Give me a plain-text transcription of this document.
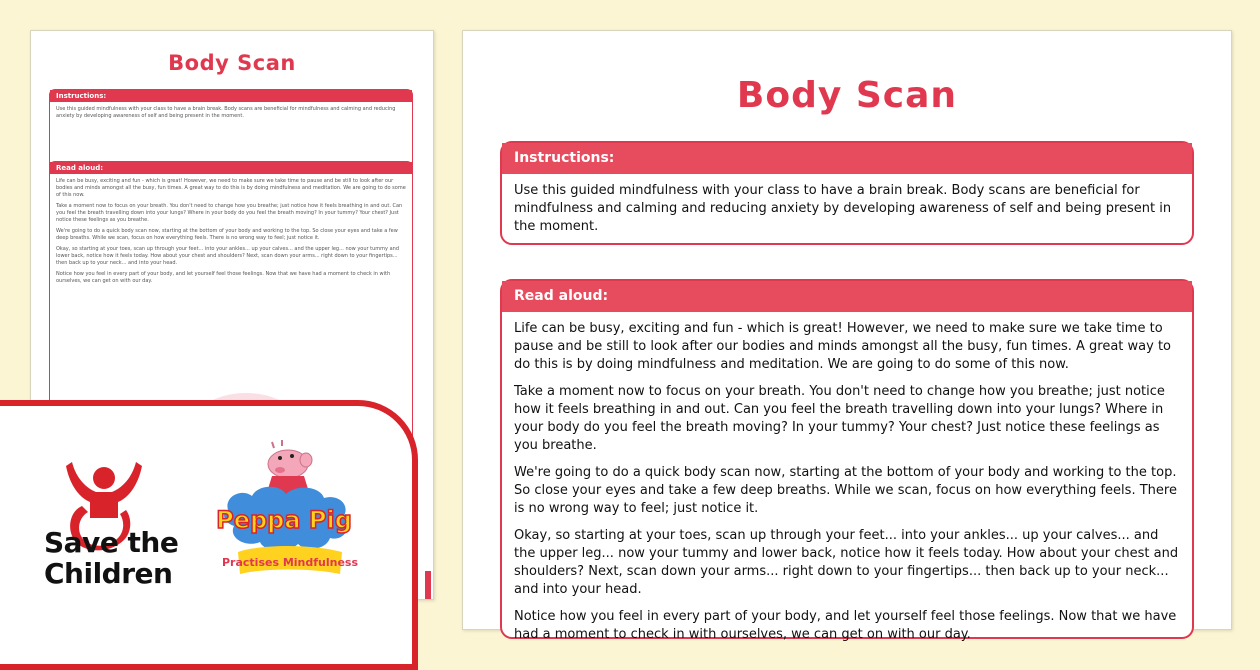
Body Scan
Instructions:

Use this guided mindfulness with your class to have a brain break. Body scans are beneficial for mindfulness and calming and reducing anxiety by developing awareness of self and being present in the moment.

Read aloud:

Life can be busy, exciting and fun - which is great! However, we need to make sure we take time to pause and be still to look after our bodies and minds amongst all the busy, fun times. A great way to do this is by doing mindfulness and meditation. We are going to do some of this now.

Take a moment now to focus on your breath. You don't need to change how you breathe; just notice how it feels breathing in and out. Can you feel the breath travelling down into your lungs? Where in your body do you feel the breath moving? In your tummy? Your chest? Just notice these feelings as you breathe.

We're going to do a quick body scan now, starting at the bottom of your body and working to the top. So close your eyes and take a few deep breaths. While we scan, focus on how everything feels. There is no wrong way to feel; just notice it.

Okay, so starting at your toes, scan up through your feet... into your ankles... up your calves... and the upper leg... now your tummy and lower back, notice how it feels today. How about your chest and shoulders? Next, scan down your arms... right down to your fingertips... then back up to your neck... and into your head.

Notice how you feel in every part of your body, and let yourself feel those feelings. Now that we have had a moment to check in with ourselves, we can get on with our day.

Body Scan
Instructions:

Use this guided mindfulness with your class to have a brain break. Body scans are beneficial for mindfulness and calming and reducing anxiety by developing awareness of self and being present in the moment.

Read aloud:

Life can be busy, exciting and fun - which is great! However, we need to make sure we take time to pause and be still to look after our bodies and minds amongst all the busy, fun times. A great way to do this is by doing mindfulness and meditation. We are going to do some of this now.

Take a moment now to focus on your breath. You don't need to change how you breathe; just notice how it feels breathing in and out. Can you feel the breath travelling down into your lungs? Where in your body do you feel the breath moving? In your tummy? Your chest? Just notice these feelings as you breathe.

We're going to do a quick body scan now, starting at the bottom of your body and working to the top. So close your eyes and take a few deep breaths. While we scan, focus on how everything feels. There is no wrong way to feel; just notice it.

Okay, so starting at your toes, scan up through your feet... into your ankles... up your calves... and the upper leg... now your tummy and lower back, notice how it feels today. How about your chest and shoulders? Next, scan down your arms... right down to your fingertips... then back up to your neck... and into your head.

Notice how you feel in every part of your body, and let yourself feel those feelings. Now that we have had a moment to check in with ourselves, we can get on with our day.

Save the
Children
Peppa Pig
Practises Mindfulness
